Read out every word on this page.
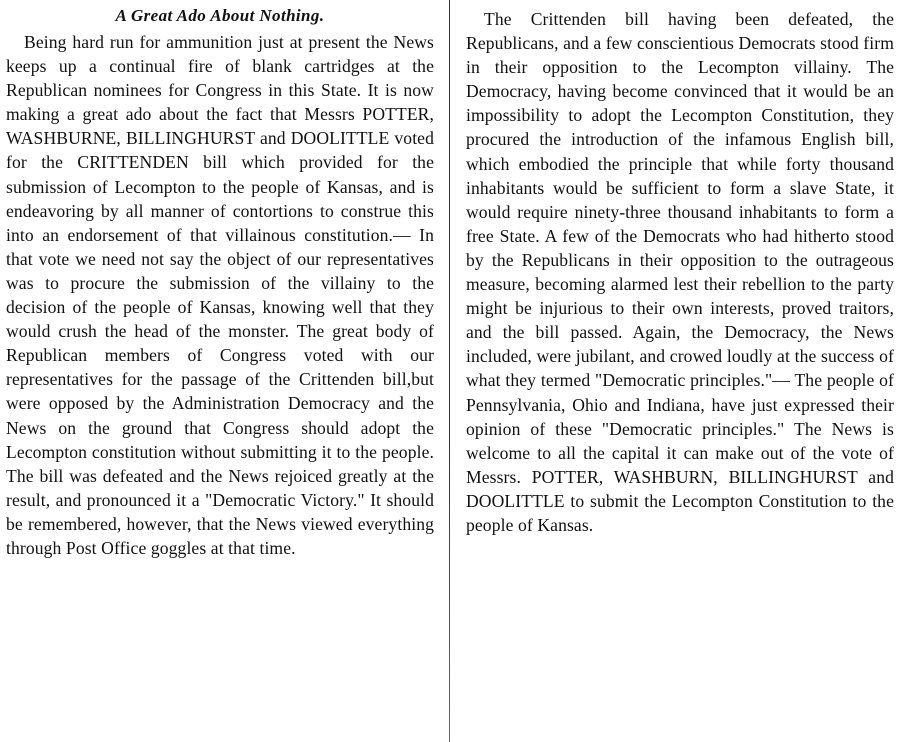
A Great Ado About Nothing.

Being hard run for ammunition just at present the News keeps up a continual fire of blank cartridges at the Republican nominees for Congress in this State. It is now making a great ado about the fact that Messrs POTTER, WASHBURNE, BILLINGHURST and DOOLITTLE voted for the CRITTENDEN bill which provided for the submission of Lecompton to the people of Kansas, and is endeavoring by all manner of contortions to construe this into an endorsement of that villainous constitution.— In that vote we need not say the object of our representatives was to procure the submission of the villainy to the decision of the people of Kansas, knowing well that they would crush the head of the monster. The great body of Republican members of Congress voted with our representatives for the passage of the Crittenden bill,but were opposed by the Administration Democracy and the News on the ground that Congress should adopt the Lecompton constitution without submitting it to the people. The bill was defeated and the News rejoiced greatly at the result, and pronounced it a "Democratic Victory." It should be remembered, however, that the News viewed everything through Post Office goggles at that time.

The Crittenden bill having been defeated, the Republicans, and a few conscientious Democrats stood firm in their opposition to the Lecompton villainy. The Democracy, having become convinced that it would be an impossibility to adopt the Lecompton Constitution, they procured the introduction of the infamous English bill, which embodied the principle that while forty thousand inhabitants would be sufficient to form a slave State, it would require ninety-three thousand inhabitants to form a free State. A few of the Democrats who had hitherto stood by the Republicans in their opposition to the outrageous measure, becoming alarmed lest their rebellion to the party might be injurious to their own interests, proved traitors, and the bill passed. Again, the Democracy, the News included, were jubilant, and crowed loudly at the success of what they termed "Democratic principles."— The people of Pennsylvania, Ohio and Indiana, have just expressed their opinion of these "Democratic principles." The News is welcome to all the capital it can make out of the vote of Messrs. POTTER, WASHBURN, BILLINGHURST and DOOLITTLE to submit the Lecompton Constitution to the people of Kansas.
